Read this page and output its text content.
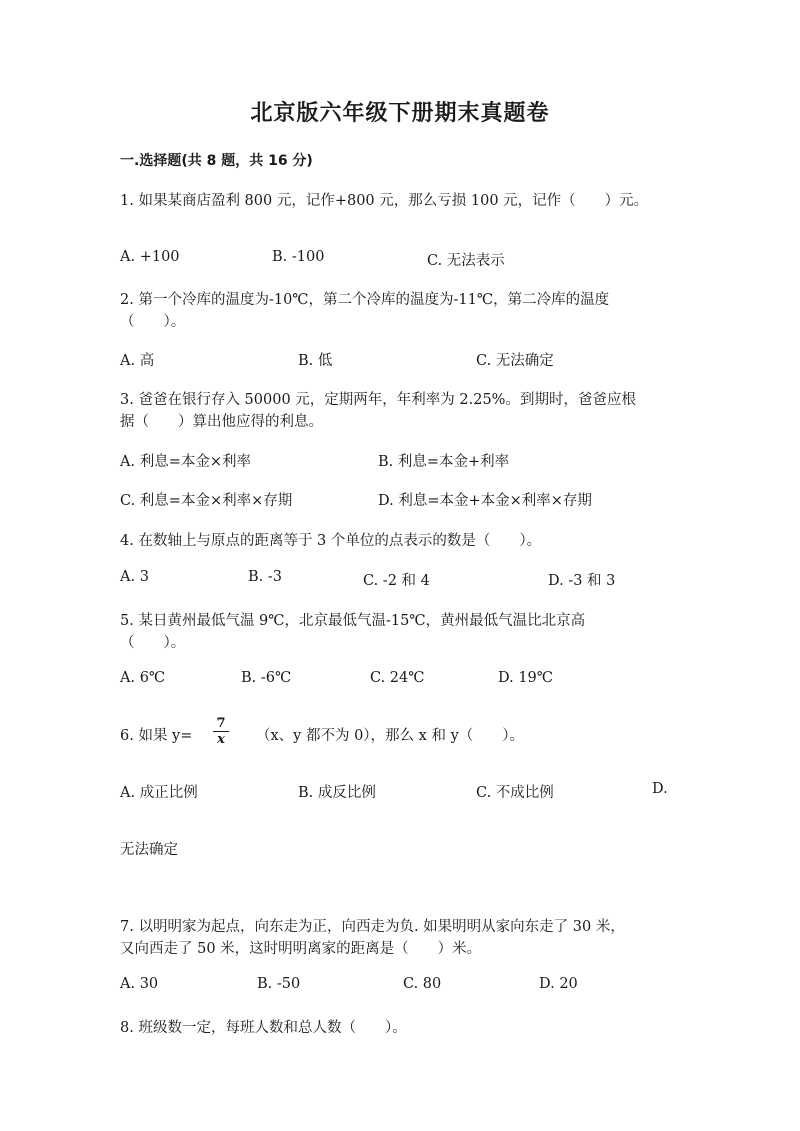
北京版六年级下册期末真题卷
一.选择题(共 8 题，共 16 分)
1. 如果某商店盈利 800 元，记作+800 元，那么亏损 100 元，记作（　　）元。
A. +100	B. -100	C. 无法表示
2. 第一个冷库的温度为-10℃，第二个冷库的温度为-11℃，第二冷库的温度
（　　）。
A. 高	B. 低	C. 无法确定
3. 爸爸在银行存入 50000 元，定期两年，年利率为 2.25%。到期时，爸爸应根
据（　　）算出他应得的利息。
A. 利息=本金×利率	B. 利息=本金+利率
C. 利息=本金×利率×存期	D. 利息=本金+本金×利率×存期
4. 在数轴上与原点的距离等于 3 个单位的点表示的数是（　　）。
A. 3	B. -3	C. -2 和 4	D. -3 和 3
5. 某日黄州最低气温 9℃，北京最低气温-15℃，黄州最低气温比北京高
（　　）。
A. 6℃	B. -6℃	C. 24℃	D. 19℃
6. 如果 $y= \frac{7}{x} (x$、y 都不为 0），那么 x 和 y（　　）。
A. 成正比例	B. 成反比例	C. 不成比例	D.
无法确定
7. 以明明家为起点，向东走为正，向西走为负. 如果明明从家向东走了 30 米，
又向西走了 50 米，这时明明离家的距离是（　　）米。
A. 30	B. -50	C. 80	D. 20
8. 班级数一定，每班人数和总人数（　　）。
